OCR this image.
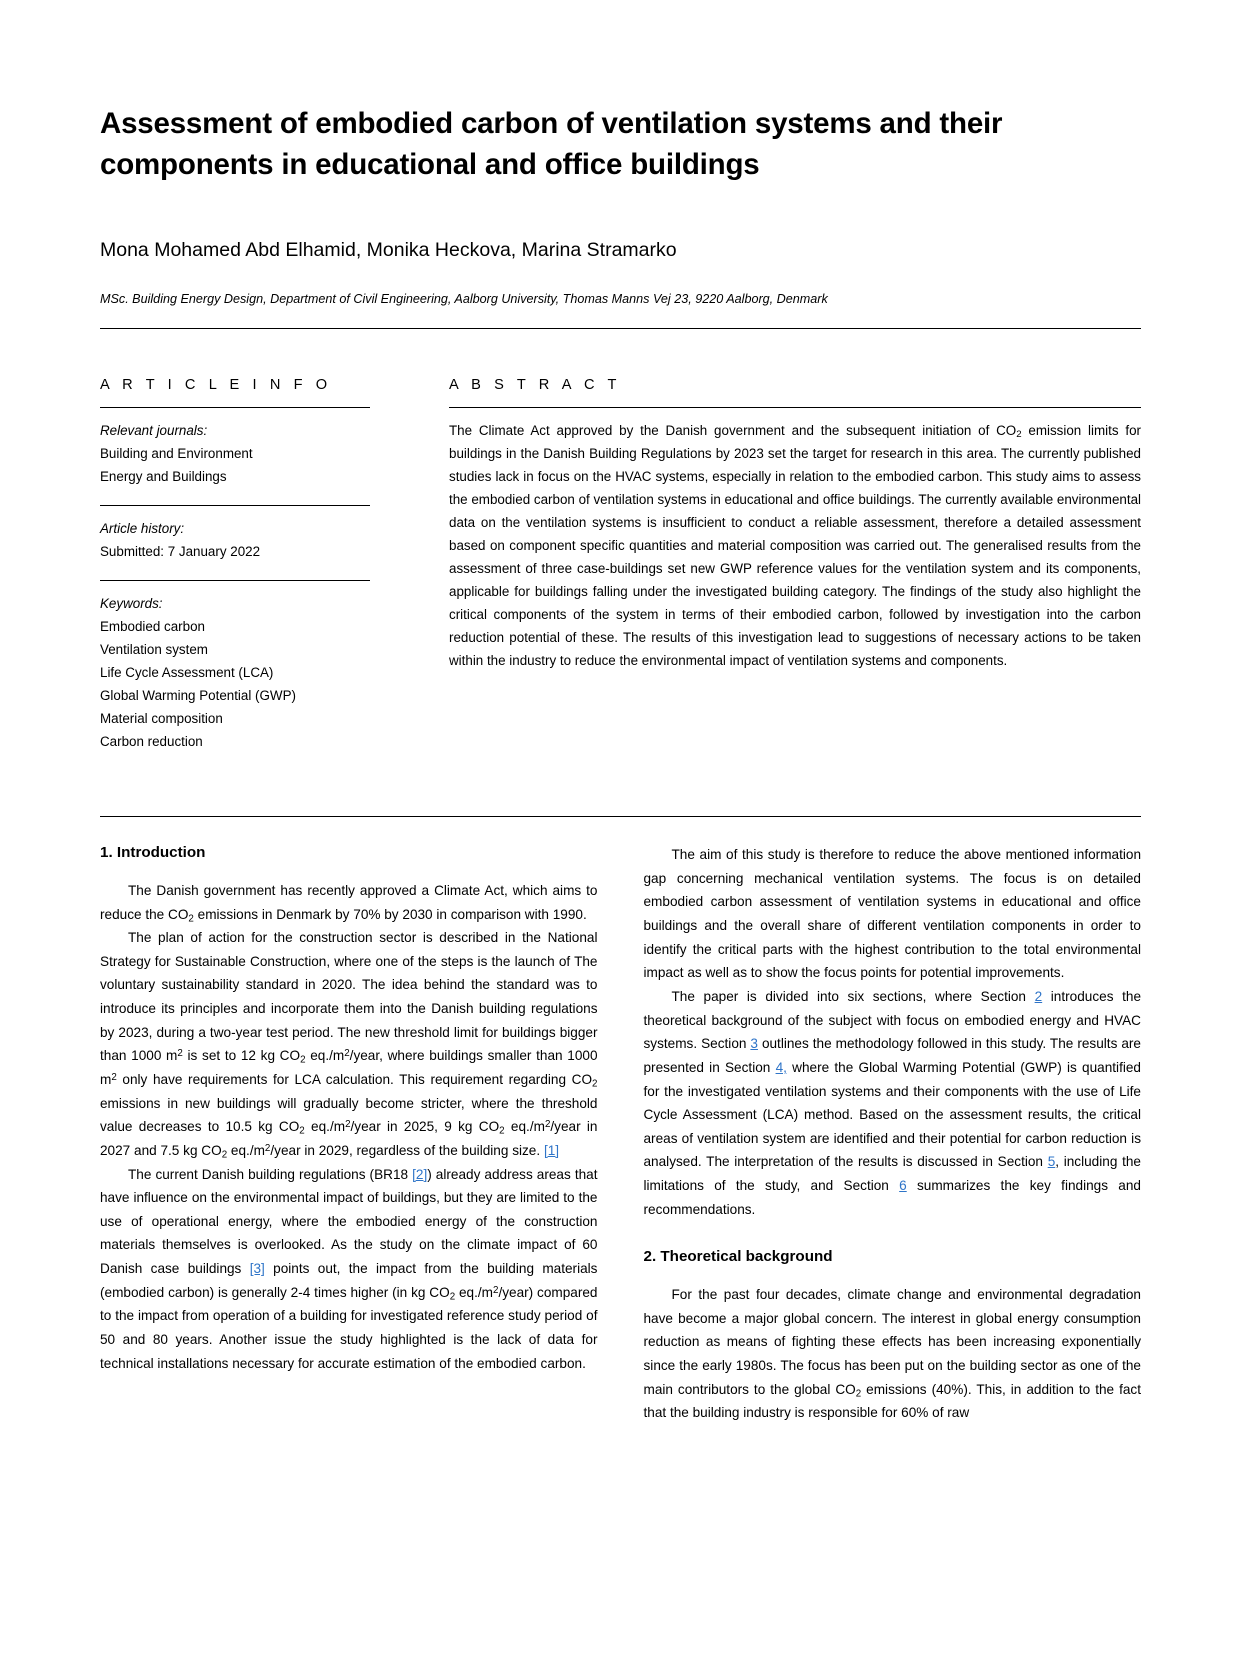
Assessment of embodied carbon of ventilation systems and their components in educational and office buildings

Mona Mohamed Abd Elhamid, Monika Heckova, Marina Stramarko

MSc. Building Energy Design, Department of Civil Engineering, Aalborg University, Thomas Manns Vej 23, 9220 Aalborg, Denmark

A R T I C L E I N F O

Relevant journals:

Building and Environment

Energy and Buildings

Article history:

Submitted: 7 January 2022

Keywords:

Embodied carbon

Ventilation system

Life Cycle Assessment (LCA)

Global Warming Potential (GWP)

Material composition

Carbon reduction

A B S T R A C T

The Climate Act approved by the Danish government and the subsequent initiation of $CO_2$ emission limits for buildings in the Danish Building Regulations by 2023 set the target for research in this area. The currently published studies lack in focus on the HVAC systems, especially in relation to the embodied carbon. This study aims to assess the embodied carbon of ventilation systems in educational and office buildings. The currently available environmental data on the ventilation systems is insufficient to conduct a reliable assessment, therefore a detailed assessment based on component specific quantities and material composition was carried out. The generalised results from the assessment of three case-buildings set new GWP reference values for the ventilation system and its components, applicable for buildings falling under the investigated building category. The findings of the study also highlight the critical components of the system in terms of their embodied carbon, followed by investigation into the carbon reduction potential of these. The results of this investigation lead to suggestions of necessary actions to be taken within the industry to reduce the environmental impact of ventilation systems and components.

1. Introduction

The Danish government has recently approved a Climate Act, which aims to reduce the $CO_2$ emissions in Denmark by 70% by 2030 in comparison with 1990.

The plan of action for the construction sector is described in the National Strategy for Sustainable Construction, where one of the steps is the launch of The voluntary sustainability standard in 2020. The idea behind the standard was to introduce its principles and incorporate them into the Danish building regulations by 2023, during a two-year test period. The new threshold limit for buildings bigger than 1000 $m^2$ is set to 12 kg $CO_2$ $eq./m^2$/year, where buildings smaller than 1000 $m^2$ only have requirements for LCA calculation. This requirement regarding $CO_2$ emissions in new buildings will gradually become stricter, where the threshold value decreases to 10.5 kg $CO_2$ $eq./m^2$/year in 2025, 9 kg $CO_2$ $eq./m^2$/year in 2027 and 7.5 kg $CO_2$ $eq./m^2$/year in 2029, regardless of the building size. [1]

The current Danish building regulations (BR18 [2]) already address areas that have influence on the environmental impact of buildings, but they are limited to the use of operational energy, where the embodied energy of the construction materials themselves is overlooked. As the study on the climate impact of 60 Danish case buildings [3] points out, the impact from the building materials (embodied carbon) is generally 2-4 times higher (in kg $CO_2$ $eq./m^2/year$) compared to the impact from operation of a building for investigated reference study period of 50 and 80 years. Another issue the study highlighted is the lack of data for technical installations necessary for accurate estimation of the embodied carbon.

The aim of this study is therefore to reduce the above mentioned information gap concerning mechanical ventilation systems. The focus is on detailed embodied carbon assessment of ventilation systems in educational and office buildings and the overall share of different ventilation components in order to identify the critical parts with the highest contribution to the total environmental impact as well as to show the focus points for potential improvements.

The paper is divided into six sections, where Section 2 introduces the theoretical background of the subject with focus on embodied energy and HVAC systems. Section 3 outlines the methodology followed in this study. The results are presented in Section 4, where the Global Warming Potential (GWP) is quantified for the investigated ventilation systems and their components with the use of Life Cycle Assessment (LCA) method. Based on the assessment results, the critical areas of ventilation system are identified and their potential for carbon reduction is analysed. The interpretation of the results is discussed in Section 5, including the limitations of the study, and Section 6 summarizes the key findings and recommendations.

2. Theoretical background

For the past four decades, climate change and environmental degradation have become a major global concern. The interest in global energy consumption reduction as means of fighting these effects has been increasing exponentially since the early 1980s. The focus has been put on the building sector as one of the main contributors to the global $CO_2$ emissions (40%). This, in addition to the fact that the building industry is responsible for 60% of raw
